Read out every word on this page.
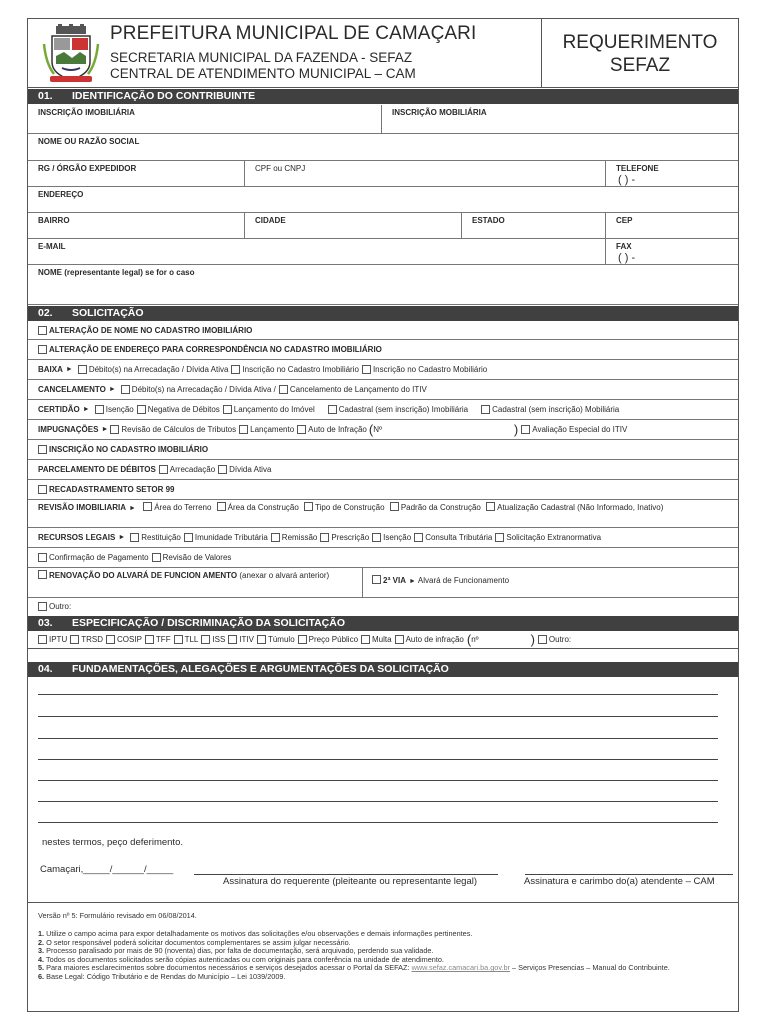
PREFEITURA MUNICIPAL DE CAMAÇARI
SECRETARIA MUNICIPAL DA FAZENDA - SEFAZ
CENTRAL DE ATENDIMENTO MUNICIPAL – CAM
REQUERIMENTO
SEFAZ
01. IDENTIFICAÇÃO DO CONTRIBUINTE
INSCRIÇÃO IMOBILIÁRIA	INSCRIÇÃO MOBILIÁRIA
NOME OU RAZÃO SOCIAL
RG / ÓRGÃO EXPEDIDOR	CPF ou CNPJ	TELEFONE
( ) -
ENDEREÇO
BAIRRO	CIDADE	ESTADO	CEP
E-MAIL	FAX
( ) -
NOME (representante legal) se for o caso
02. SOLICITAÇÃO
ALTERAÇÃO DE NOME NO CADASTRO IMOBILIÁRIO
ALTERAÇÃO DE ENDEREÇO PARA CORRESPONDÊNCIA NO CADASTRO IMOBILIÁRIO
BAIXA ► Débito(s) na Arrecadação / Dívida Ativa Inscrição no Cadastro Imobiliário Inscrição no Cadastro Mobiliário
CANCELAMENTO ► Débito(s) na Arrecadação / Dívida Ativa / Cancelamento de Lançamento do ITIV
CERTIDÃO ► Isenção Negativa de Débitos Lançamento do Imóvel	Cadastral (sem inscrição) Imobiliária	Cadastral (sem inscrição) Mobiliária
IMPUGNAÇÕES ► Revisão de Cálculos de Tributos Lançamento Auto de Infração ( Nº	) Avaliação Especial do ITIV
INSCRIÇÃO NO CADASTRO IMOBILIÁRIO
PARCELAMENTO DE DÉBITOS Arrecadação Dívida Ativa
RECADASTRAMENTO SETOR 99
REVISÃO IMOBILIARIA ► Área do Terreno Área da Construção Tipo de Construção Padrão da Construção Atualização Cadastral (Não Informado, Inativo)
RECURSOS LEGAIS ► Restituição Imunidade Tributária Remissão Prescrição Isenção Consulta Tributária Solicitação Extranormativa
Confirmação de Pagamento Revisão de Valores
RENOVAÇÃO DO ALVARÁ DE FUNCION AMENTO (anexar o alvará anterior)
2ª VIA ► Alvará de Funcionamento
Outro:
03. ESPECIFICAÇÃO / DISCRIMINAÇÃO DA SOLICITAÇÃO
IPTU TRSD COSIP TFF TLL ISS ITIV Túmulo Preço Público Multa Auto de infração ( nº	) Outro:
04. FUNDAMENTAÇÕES, ALEGAÇÕES E ARGUMENTAÇÕES DA SOLICITAÇÃO
nestes termos, peço deferimento.
Camaçari,_____/______/_____
Assinatura do requerente (pleiteante ou representante legal)	Assinatura e carimbo do(a) atendente – CAM
Versão nº 5: Formulário revisado em 06/08/2014.
1. Utilize o campo acima para expor detalhadamente os motivos das solicitações e/ou observações e demais informações pertinentes.
2. O setor responsável poderá solicitar documentos complementares se assim julgar necessário.
3. Processo paralisado por mais de 90 (noventa) dias, por falta de documentação, será arquivado, perdendo sua validade.
4. Todos os documentos solicitados serão cópias autenticadas ou com originais para conferência na unidade de atendimento.
5. Para maiores esclarecimentos sobre documentos necessários e serviços desejados acessar o Portal da SEFAZ: www.sefaz.camacari.ba.gov.br – Serviços Presencias – Manual do Contribuinte.
6. Base Legal: Código Tributário e de Rendas do Município – Lei 1039/2009.
